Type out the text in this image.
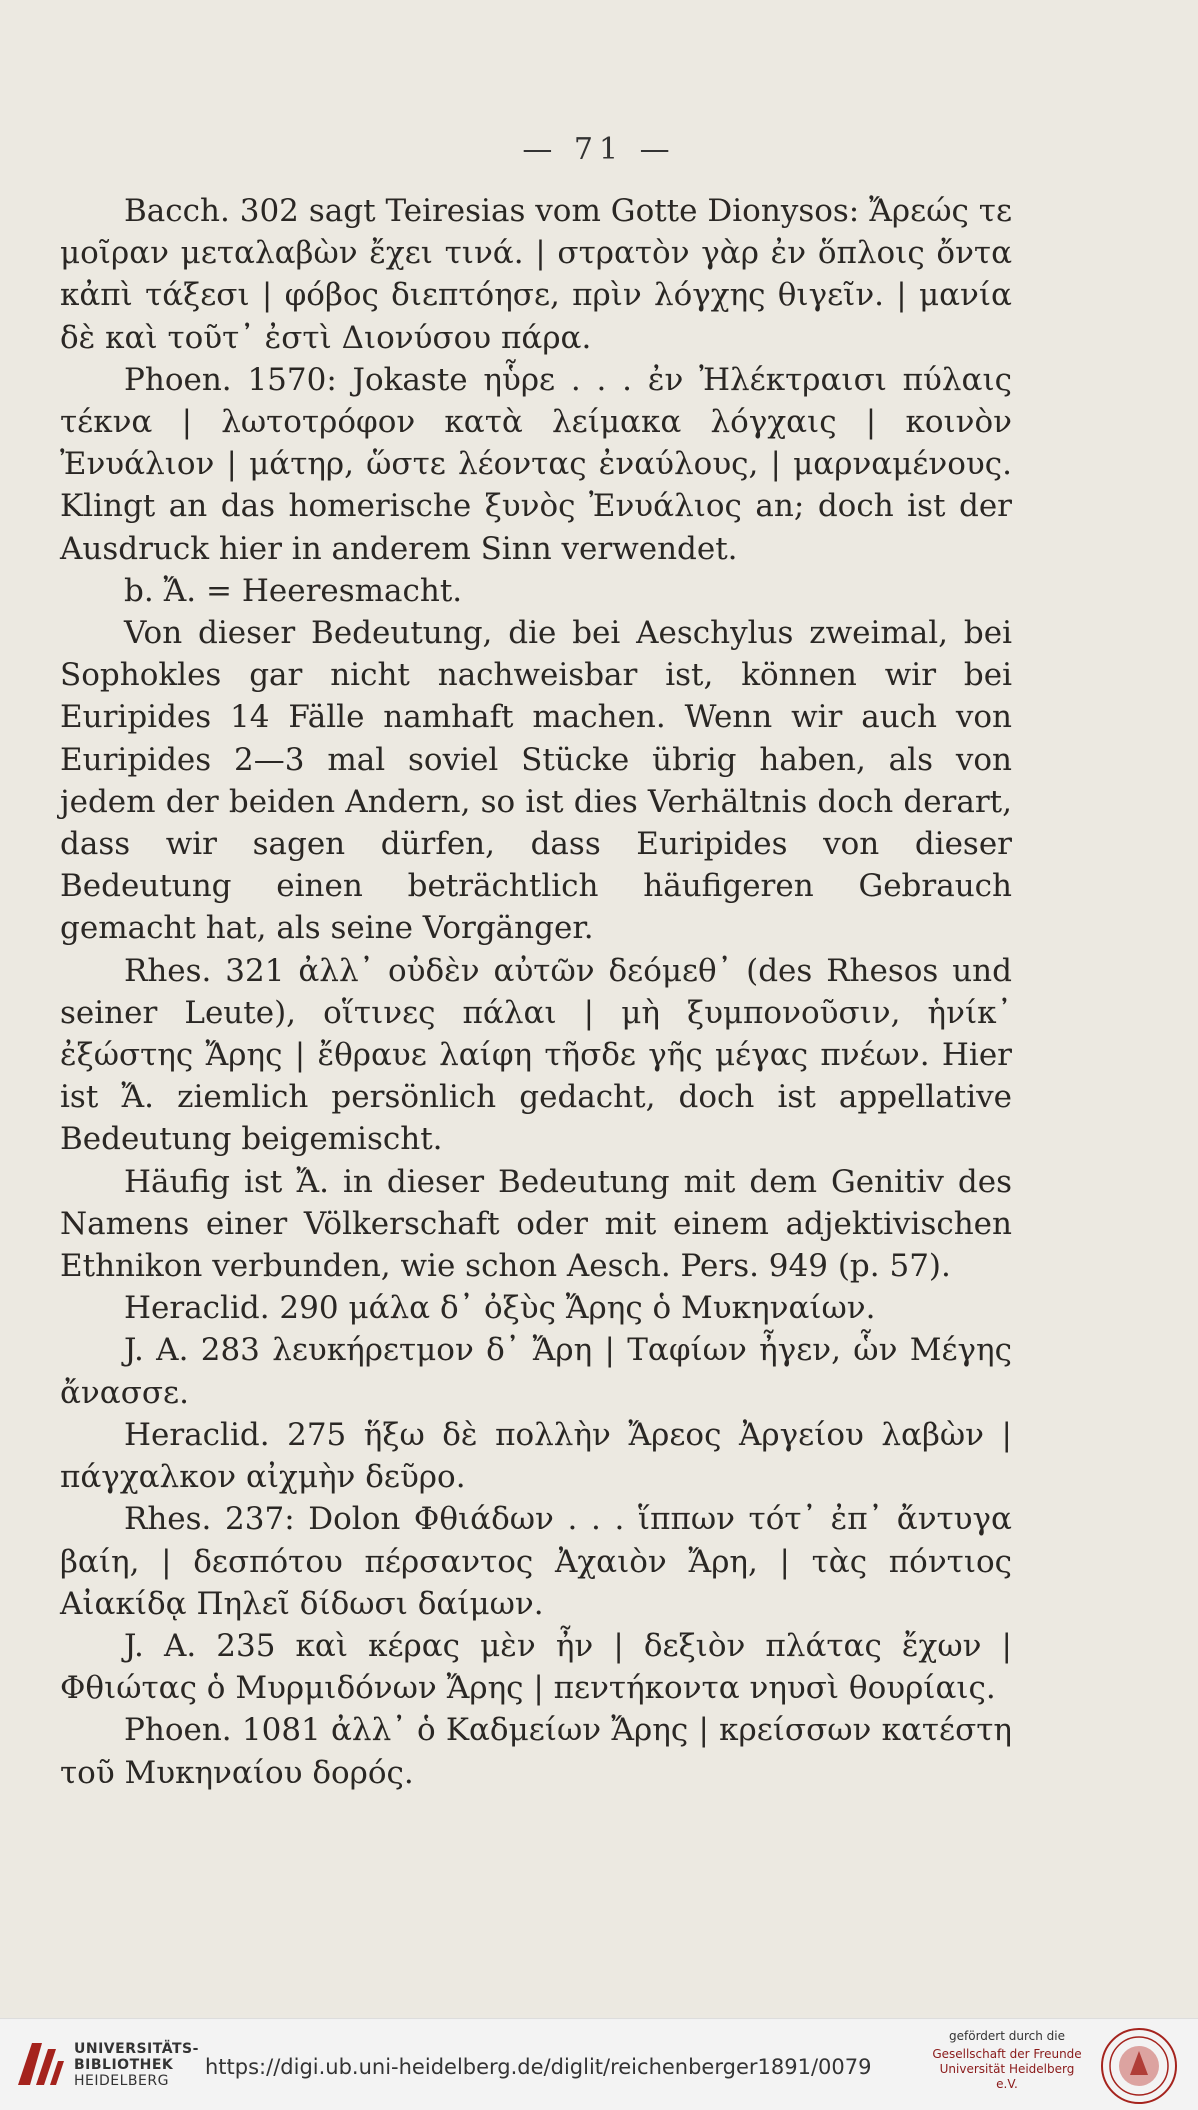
— 71 —

Bacch. 302 sagt Teiresias vom Gotte Dionysos: Ἄρεώς τε μοῖραν μεταλαβὼν ἔχει τινά. | στρατὸν γὰρ ἐν ὅπλοις ὄντα κἀπὶ τάξεσι | φόβος διεπτόησε, πρὶν λόγχης θιγεῖν. | μανία δὲ καὶ τοῦτ᾿ ἐστὶ Διονύσου πάρα.

Phoen. 1570: Jokaste ηὗρε . . . ἐν Ἠλέκτραισι πύλαις τέκνα | λωτοτρόφον κατὰ λείμακα λόγχαις | κοινὸν Ἐνυάλιον | μάτηρ, ὥστε λέοντας ἐναύλους, | μαρναμένους. Klingt an das homerische ξυνὸς Ἐνυάλιος an; doch ist der Ausdruck hier in anderem Sinn verwendet.

b. Ἄ. = Heeresmacht.

Von dieser Bedeutung, die bei Aeschylus zweimal, bei Sophokles gar nicht nachweisbar ist, können wir bei Euripides 14 Fälle namhaft machen. Wenn wir auch von Euripides 2—3 mal soviel Stücke übrig haben, als von jedem der beiden Andern, so ist dies Verhältnis doch derart, dass wir sagen dürfen, dass Euripides von dieser Bedeutung einen beträchtlich häufigeren Gebrauch gemacht hat, als seine Vorgänger.

Rhes. 321 ἀλλ᾿ οὐδὲν αὐτῶν δεόμεθ᾿ (des Rhesos und seiner Leute), οἵτινες πάλαι | μὴ ξυμπονοῦσιν, ἡνίκ᾿ ἐξώστης Ἄρης | ἔθραυε λαίφη τῆσδε γῆς μέγας πνέων. Hier ist Ἄ. ziemlich persönlich gedacht, doch ist appellative Bedeutung beigemischt.

Häufig ist Ἄ. in dieser Bedeutung mit dem Genitiv des Namens einer Völkerschaft oder mit einem adjektivischen Ethnikon verbunden, wie schon Aesch. Pers. 949 (p. 57).

Heraclid. 290 μάλα δ᾿ ὀξὺς Ἄρης ὁ Μυκηναίων.

J. A. 283 λευκήρετμον δ᾿ Ἄρη | Ταφίων ἦγεν, ὧν Μέγης ἄνασσε.

Heraclid. 275 ἥξω δὲ πολλὴν Ἄρεος Ἀργείου λαβὼν | πάγχαλκον αἰχμὴν δεῦρο.

Rhes. 237: Dolon Φθιάδων . . . ἵππων τότ᾿ ἐπ᾿ ἄντυγα βαίη, | δεσπότου πέρσαντος Ἀχαιὸν Ἄρη, | τὰς πόντιος Αἰακίδᾳ Πηλεῖ δίδωσι δαίμων.

J. A. 235 καὶ κέρας μὲν ἦν | δεξιὸν πλάτας ἔχων | Φθιώτας ὁ Μυρμιδόνων Ἄρης | πεντήκοντα νηυσὶ θουρίαις.

Phoen. 1081 ἀλλ᾿ ὁ Καδμείων Ἄρης | κρείσσων κατέστη τοῦ Μυκηναίου δορός.

UNIVERSITÄTS-
BIBLIOTHEK
HEIDELBERG
https://digi.ub.uni-heidelberg.de/diglit/reichenberger1891/0079
gefördert durch die
Gesellschaft der Freunde
Universität Heidelberg e.V.
